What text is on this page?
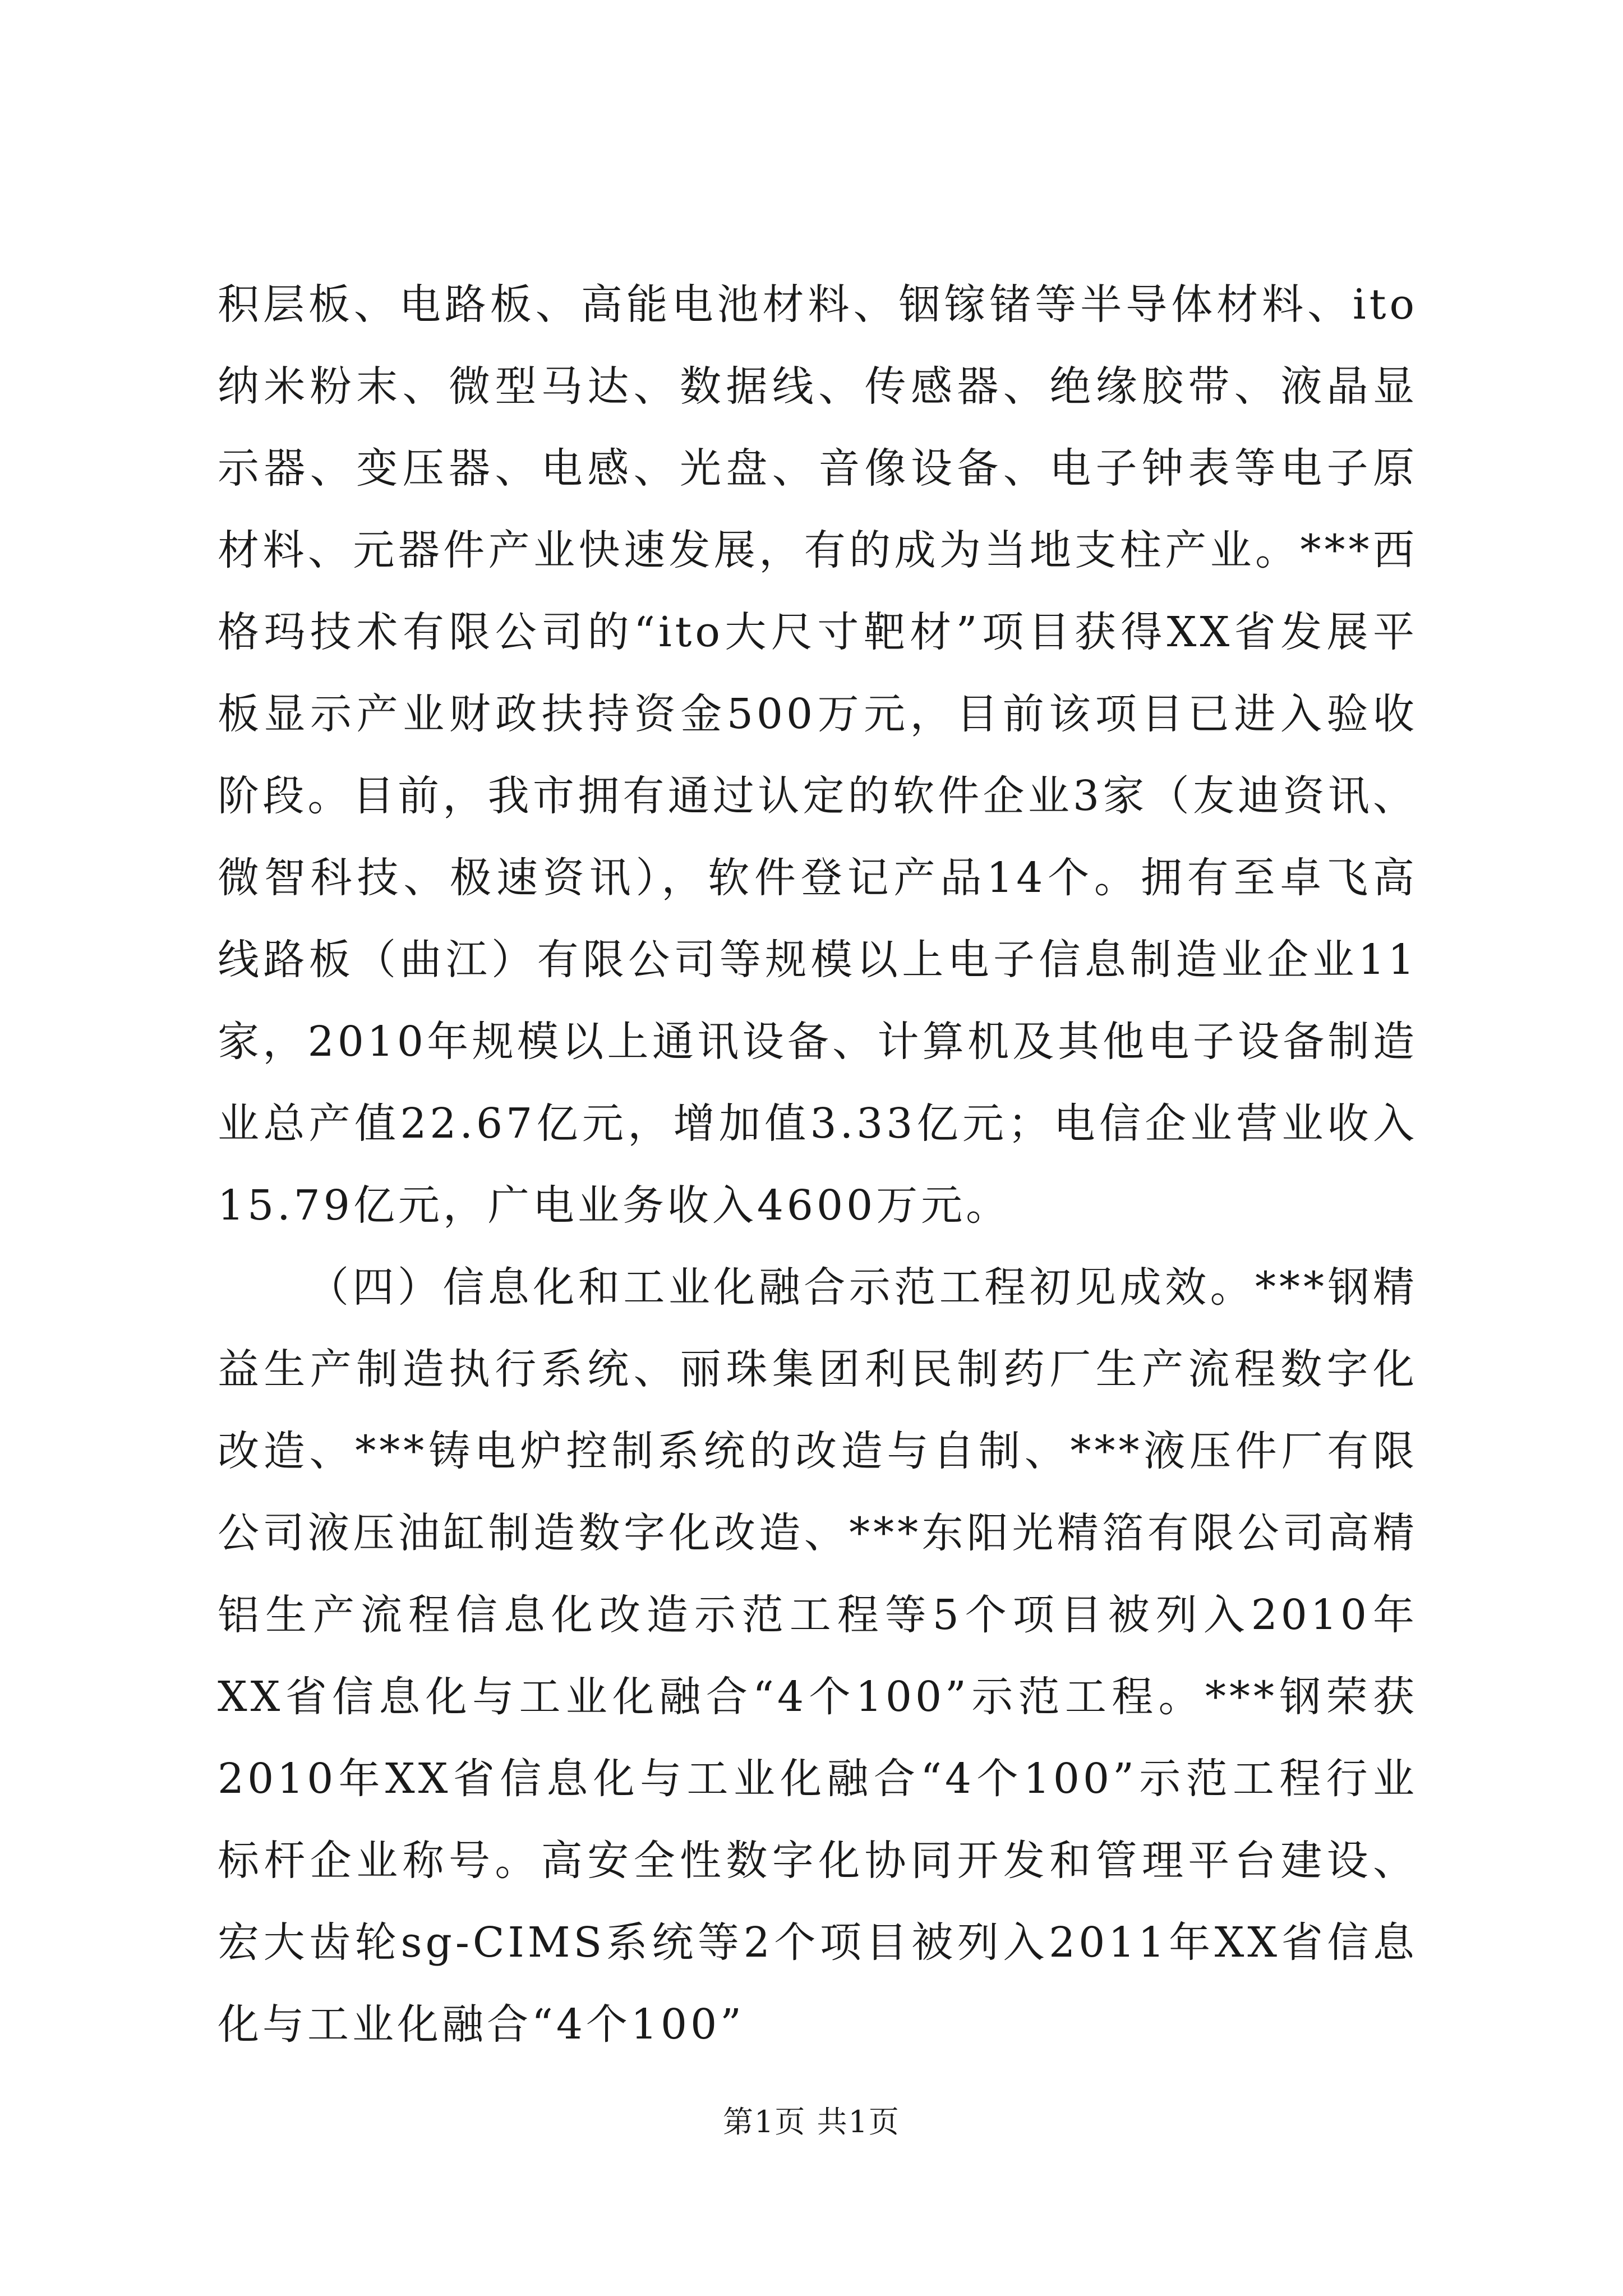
积层板、电路板、高能电池材料、铟镓锗等半导体材料、ito纳米粉末、微型马达、数据线、传感器、绝缘胶带、液晶显示器、变压器、电感、光盘、音像设备、电子钟表等电子原材料、元器件产业快速发展，有的成为当地支柱产业。***西格玛技术有限公司的“ito大尺寸靶材”项目获得XX省发展平板显示产业财政扶持资金500万元，目前该项目已进入验收阶段。目前，我市拥有通过认定的软件企业3家（友迪资讯、微智科技、极速资讯），软件登记产品14个。拥有至卓飞高线路板（曲江）有限公司等规模以上电子信息制造业企业11家，2010年规模以上通讯设备、计算机及其他电子设备制造业总产值22.67亿元，增加值3.33亿元；电信企业营业收入15.79亿元，广电业务收入4600万元。

（四）信息化和工业化融合示范工程初见成效。***钢精益生产制造执行系统、丽珠集团利民制药厂生产流程数字化改造、***铸电炉控制系统的改造与自制、***液压件厂有限公司液压油缸制造数字化改造、***东阳光精箔有限公司高精铝生产流程信息化改造示范工程等5个项目被列入2010年XX省信息化与工业化融合“4个100”示范工程。***钢荣获2010年XX省信息化与工业化融合“4个100”示范工程行业标杆企业称号。高安全性数字化协同开发和管理平台建设、宏大齿轮sg-CIMS系统等2个项目被列入2011年XX省信息化与工业化融合“4个100”

第1页 共1页
